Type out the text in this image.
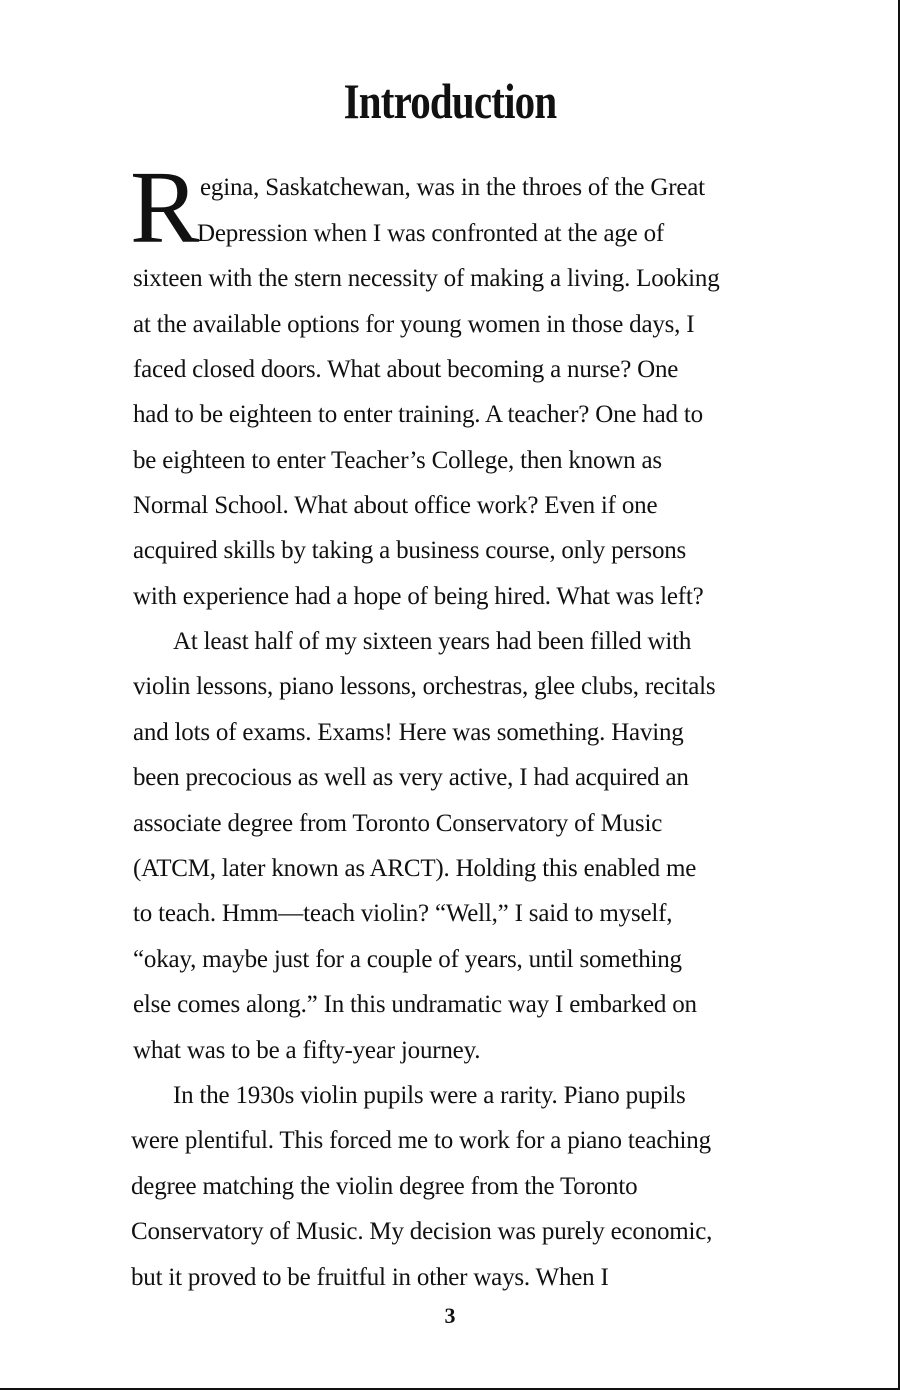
Introduction
R egina, Saskatchewan, was in the throes of the Great
Depression when I was confronted at the age of
sixteen with the stern necessity of making a living. Looking
at the available options for young women in those days, I
faced closed doors. What about becoming a nurse? One
had to be eighteen to enter training. A teacher? One had to
be eighteen to enter Teacher’s College, then known as
Normal School. What about office work? Even if one
acquired skills by taking a business course, only persons
with experience had a hope of being hired. What was left?
At least half of my sixteen years had been filled with
violin lessons, piano lessons, orchestras, glee clubs, recitals
and lots of exams. Exams! Here was something. Having
been precocious as well as very active, I had acquired an
associate degree from Toronto Conservatory of Music
(ATCM, later known as ARCT). Holding this enabled me
to teach. Hmm—teach violin? “Well,” I said to myself,
“okay, maybe just for a couple of years, until something
else comes along.” In this undramatic way I embarked on
what was to be a fifty-year journey.
In the 1930s violin pupils were a rarity. Piano pupils
were plentiful. This forced me to work for a piano teaching
degree matching the violin degree from the Toronto
Conservatory of Music. My decision was purely economic,
but it proved to be fruitful in other ways. When I
3
